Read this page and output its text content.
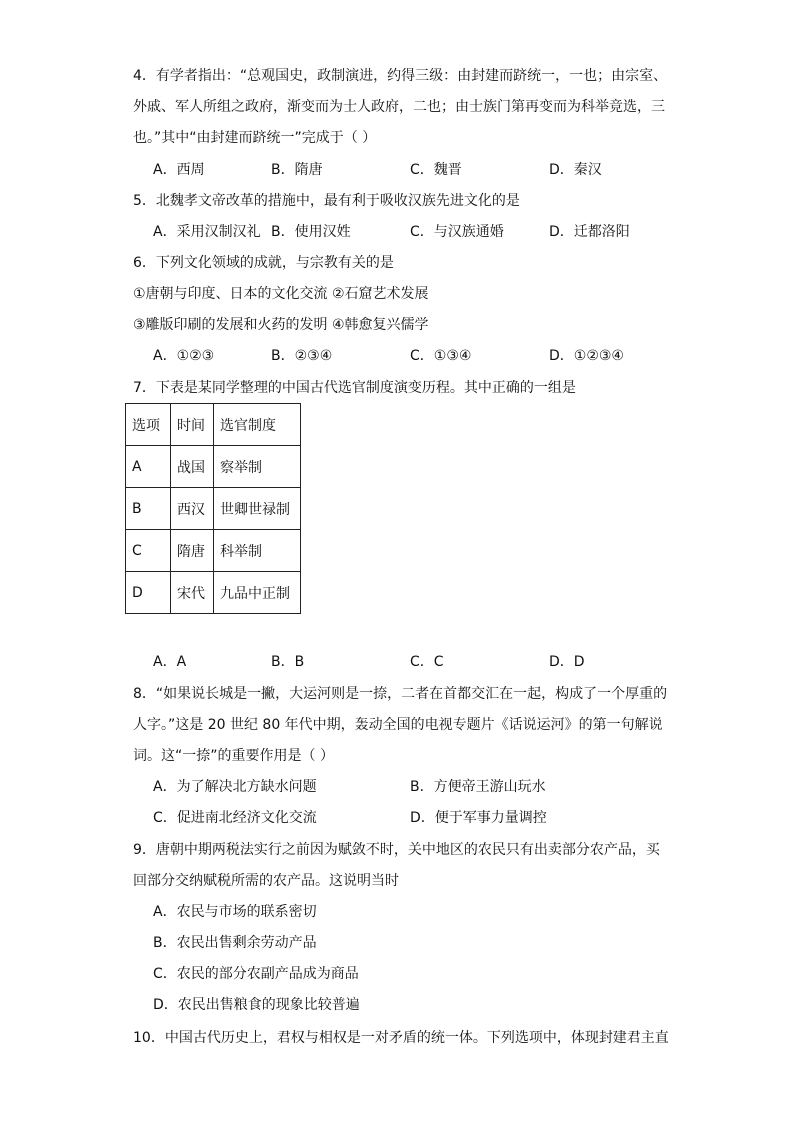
4．有学者指出：“总观国史，政制演进，约得三级：由封建而跻统一，一也；由宗室、
外戚、军人所组之政府，渐变而为士人政府，二也；由士族门第再变而为科举竞选，三
也。”其中“由封建而跻统一”完成于（ ）
A．西周	B．隋唐	C．魏晋	D．秦汉
5．北魏孝文帝改革的措施中，最有利于吸收汉族先进文化的是
A．采用汉制汉礼 B．使用汉姓	C．与汉族通婚	D．迁都洛阳
6．下列文化领域的成就，与宗教有关的是
①唐朝与印度、日本的文化交流 ②石窟艺术发展
③雕版印刷的发展和火药的发明 ④韩愈复兴儒学
A．①②③	B．②③④	C．①③④	D．①②③④
7．下表是某同学整理的中国古代选官制度演变历程。其中正确的一组是
选项	时间	选官制度
A	战国	察举制
B	西汉	世卿世禄制
C	隋唐	科举制
D	宋代	九品中正制
A．A	B．B	C．C	D．D
8．“如果说长城是一撇，大运河则是一捺，二者在首都交汇在一起，构成了一个厚重的
人字。”这是 20 世纪 80 年代中期，轰动全国的电视专题片《话说运河》的第一句解说
词。这“一捺”的重要作用是（ ）
A．为了解决北方缺水问题	B．方便帝王游山玩水
C．促进南北经济文化交流	D．便于军事力量调控
9．唐朝中期两税法实行之前因为赋敛不时，关中地区的农民只有出卖部分农产品，买
回部分交纳赋税所需的农产品。这说明当时
A．农民与市场的联系密切
B．农民出售剩余劳动产品
C．农民的部分农副产品成为商品
D．农民出售粮食的现象比较普遍
10．中国古代历史上，君权与相权是一对矛盾的统一体。下列选项中，体现封建君主直
